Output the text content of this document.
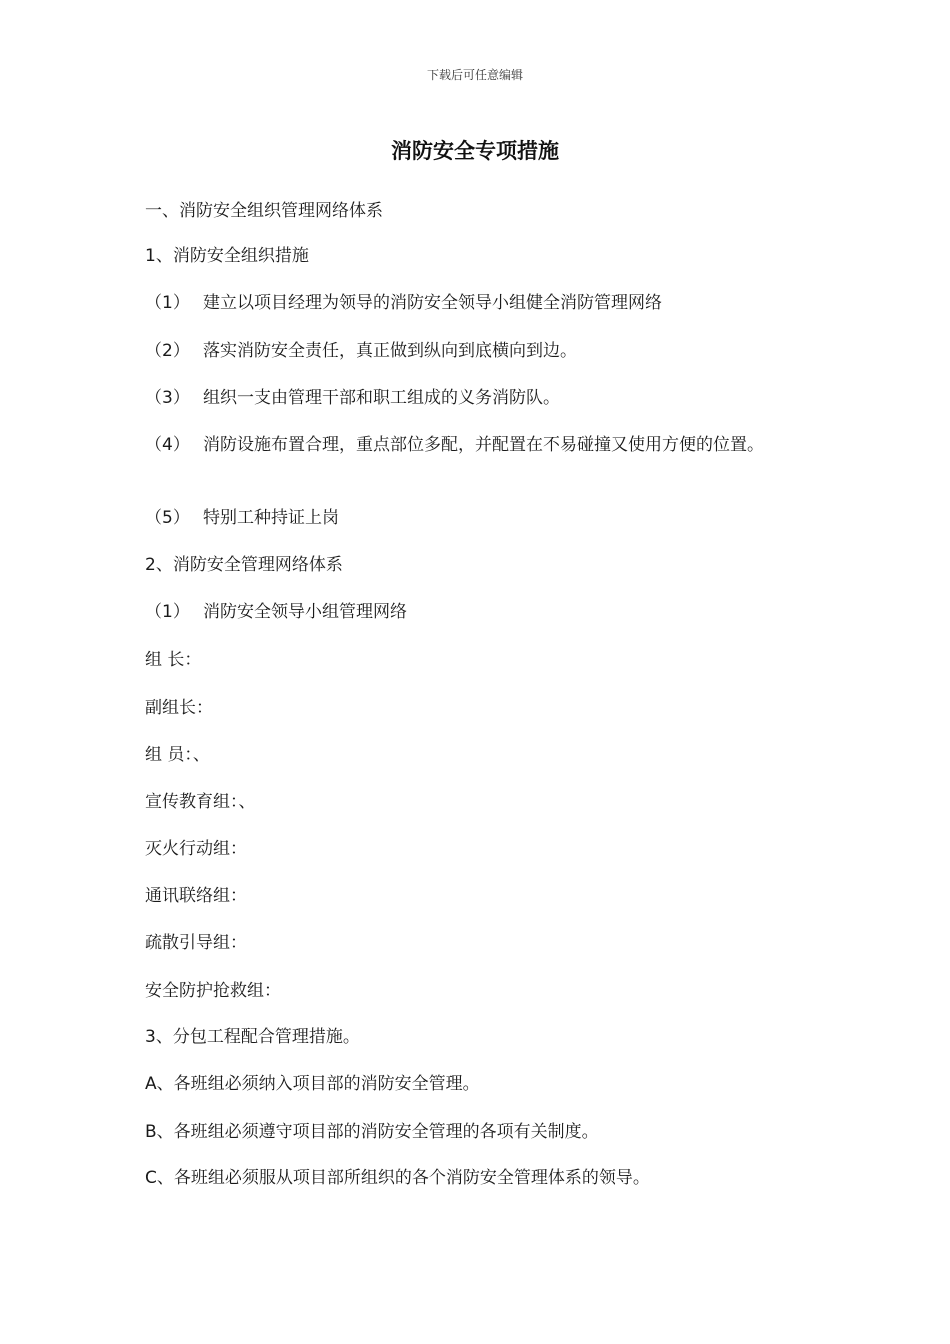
下载后可任意编辑
消防安全专项措施
一、消防安全组织管理网络体系
1、消防安全组织措施
（1） 建立以项目经理为领导的消防安全领导小组健全消防管理网络
（2） 落实消防安全责任，真正做到纵向到底横向到边。
（3） 组织一支由管理干部和职工组成的义务消防队。
（4） 消防设施布置合理，重点部位多配，并配置在不易碰撞又使用方便的位置。
（5） 特别工种持证上岗
2、消防安全管理网络体系
（1） 消防安全领导小组管理网络
组 长：
副组长：
组 员：、
宣传教育组：、
灭火行动组：
通讯联络组：
疏散引导组：
安全防护抢救组：
3、分包工程配合管理措施。
A、各班组必须纳入项目部的消防安全管理。
B、各班组必须遵守项目部的消防安全管理的各项有关制度。
C、各班组必须服从项目部所组织的各个消防安全管理体系的领导。
